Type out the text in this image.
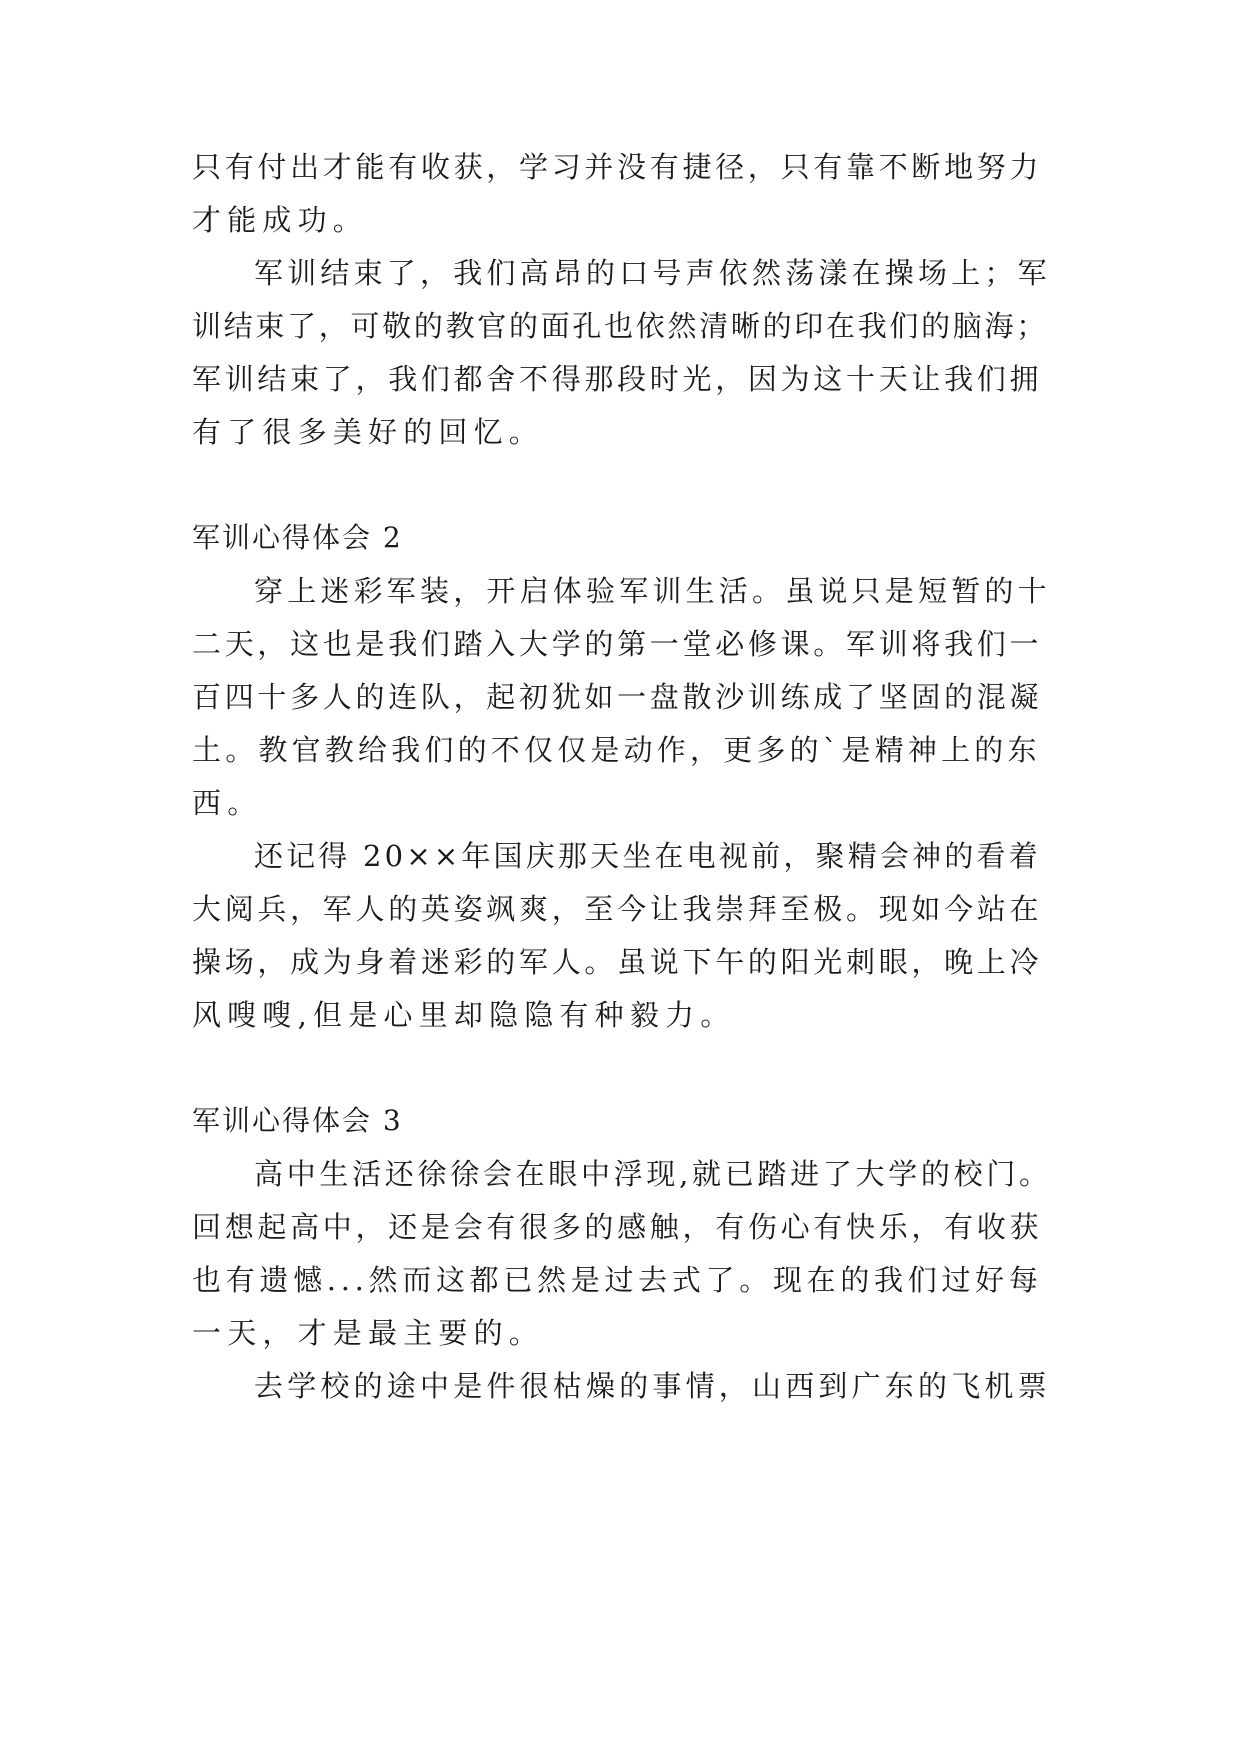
只有付出才能有收获，学习并没有捷径，只有靠不断地努力
才能成功。
军训结束了，我们高昂的口号声依然荡漾在操场上；军
训结束了，可敬的教官的面孔也依然清晰的印在我们的脑海；
军训结束了，我们都舍不得那段时光，因为这十天让我们拥
有了很多美好的回忆。
军训心得体会 2
穿上迷彩军装，开启体验军训生活。虽说只是短暂的十
二天，这也是我们踏入大学的第一堂必修课。军训将我们一
百四十多人的连队，起初犹如一盘散沙训练成了坚固的混凝
土。教官教给我们的不仅仅是动作，更多的`是精神上的东
西。
还记得 20××年国庆那天坐在电视前，聚精会神的看着
大阅兵，军人的英姿飒爽，至今让我崇拜至极。现如今站在
操场，成为身着迷彩的军人。虽说下午的阳光刺眼，晚上冷
风嗖嗖,但是心里却隐隐有种毅力。
军训心得体会 3
高中生活还徐徐会在眼中浮现,就已踏进了大学的校门。
回想起高中，还是会有很多的感触，有伤心有快乐，有收获
也有遗憾...然而这都已然是过去式了。现在的我们过好每
一天，才是最主要的。
去学校的途中是件很枯燥的事情，山西到广东的飞机票
